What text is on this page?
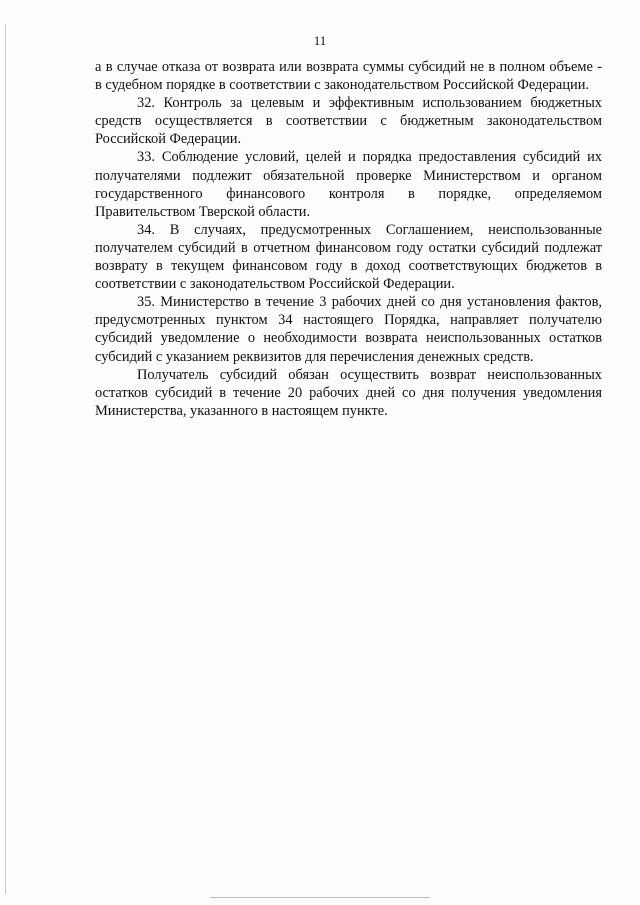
11

а в случае отказа от возврата или возврата суммы субсидий не в полном объеме - в судебном порядке в соответствии с законодательством Российской Федерации.

32. Контроль за целевым и эффективным использованием бюджетных средств осуществляется в соответствии с бюджетным законодательством Российской Федерации.

33. Соблюдение условий, целей и порядка предоставления субсидий их получателями подлежит обязательной проверке Министерством и органом государственного финансового контроля в порядке, определяемом Правительством Тверской области.

34. В случаях, предусмотренных Соглашением, неиспользованные получателем субсидий в отчетном финансовом году остатки субсидий подлежат возврату в текущем финансовом году в доход соответствующих бюджетов в соответствии с законодательством Российской Федерации.

35. Министерство в течение 3 рабочих дней со дня установления фактов, предусмотренных пунктом 34 настоящего Порядка, направляет получателю субсидий уведомление о необходимости возврата неиспользованных остатков субсидий с указанием реквизитов для перечисления денежных средств.

Получатель субсидий обязан осуществить возврат неиспользованных остатков субсидий в течение 20 рабочих дней со дня получения уведомления Министерства, указанного в настоящем пункте.
